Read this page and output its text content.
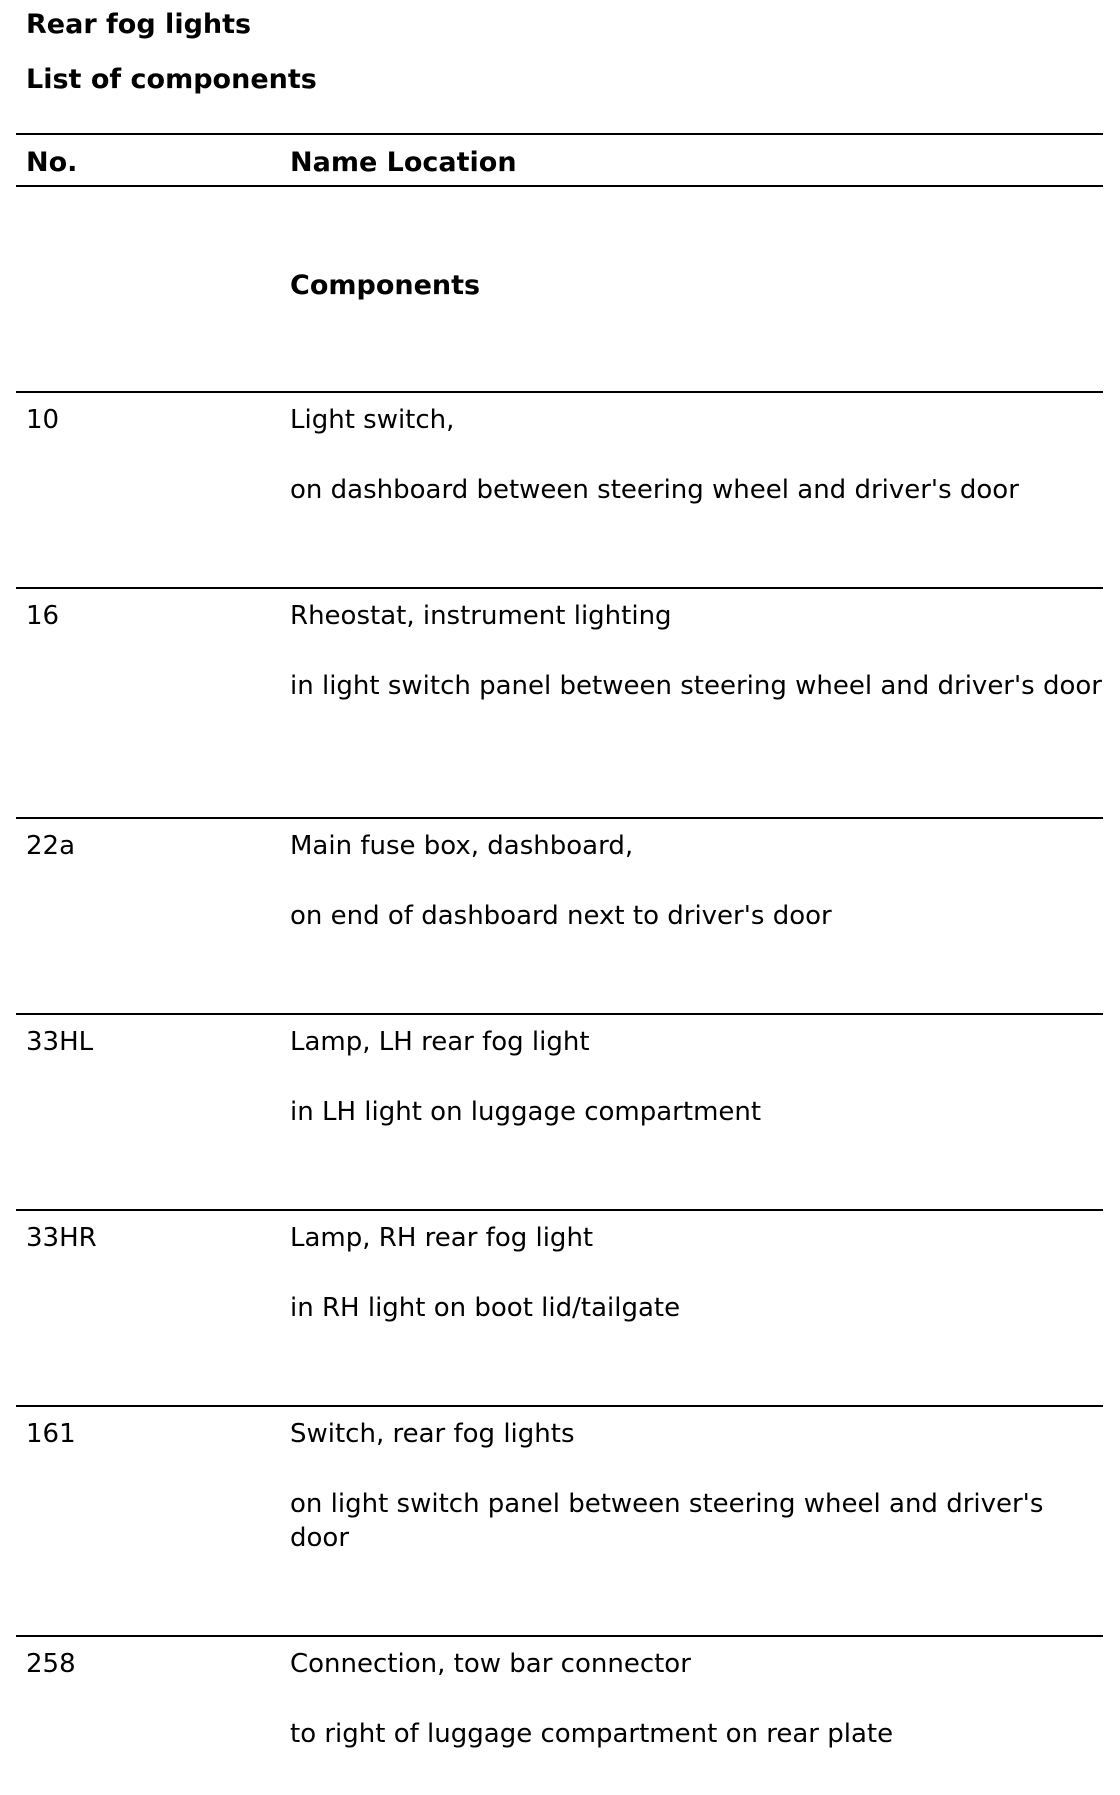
Rear fog lights
List of components
No.	Name Location
Components
10	Light switch,
on dashboard between steering wheel and driver's door
16	Rheostat, instrument lighting
in light switch panel between steering wheel and driver's door
22a	Main fuse box, dashboard,
on end of dashboard next to driver's door
33HL	Lamp, LH rear fog light
in LH light on luggage compartment
33HR	Lamp, RH rear fog light
in RH light on boot lid/tailgate
161	Switch, rear fog lights
on light switch panel between steering wheel and driver's door
258	Connection, tow bar connector
to right of luggage compartment on rear plate
